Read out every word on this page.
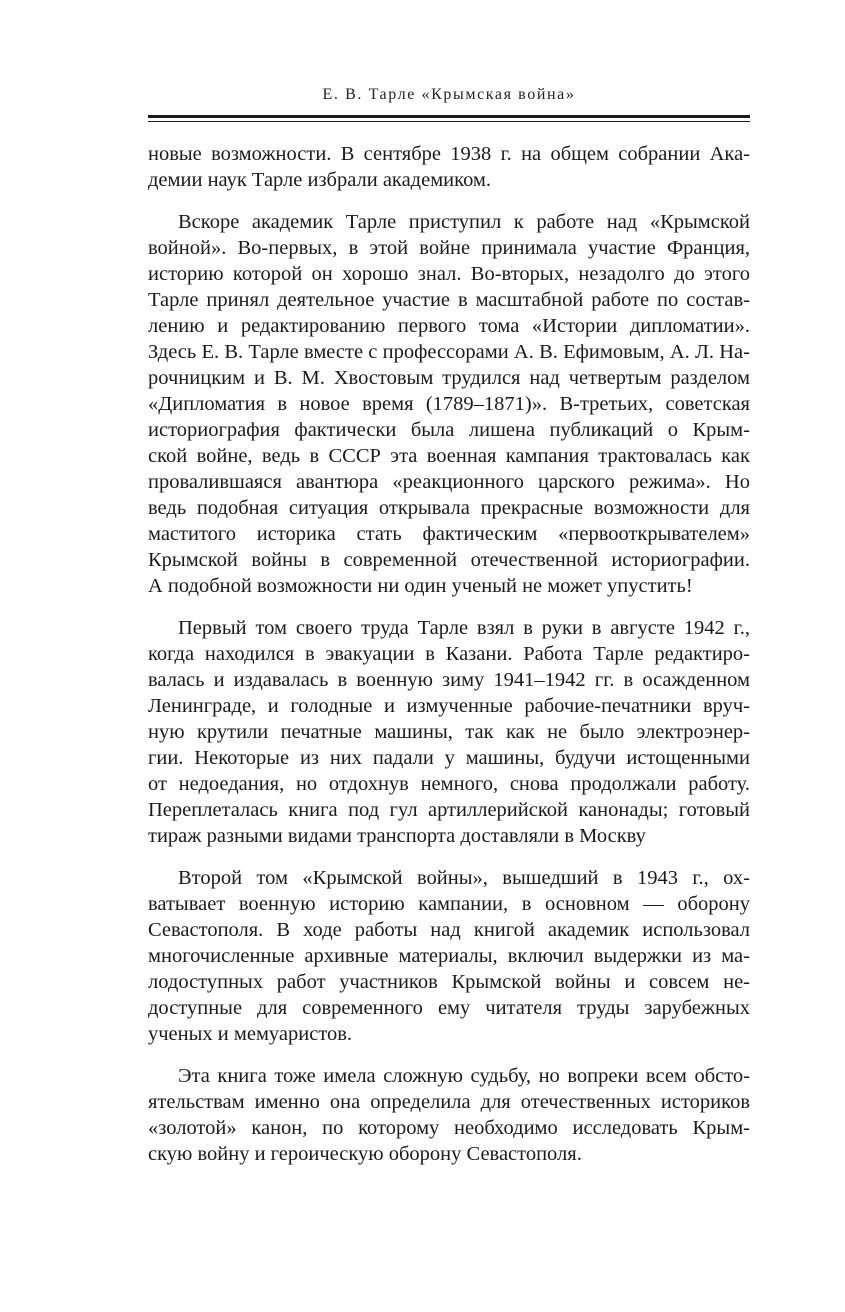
Е. В. Тарле «Крымская война»
новые возможности. В сентябре 1938 г. на общем собрании Ака-
демии наук Тарле избрали академиком.
Вскоре академик Тарле приступил к работе над «Крымской
войной». Во-первых, в этой войне принимала участие Франция,
историю которой он хорошо знал. Во-вторых, незадолго до этого
Тарле принял деятельное участие в масштабной работе по состав-
лению и редактированию первого тома «Истории дипломатии».
Здесь Е. В. Тарле вместе с профессорами А. В. Ефимовым, А. Л. На-
рочницким и В. М. Хвостовым трудился над четвертым разделом
«Дипломатия в новое время (1789–1871)». В-третьих, советская
историография фактически была лишена публикаций о Крым-
ской войне, ведь в СССР эта военная кампания трактовалась как
провалившаяся авантюра «реакционного царского режима». Но
ведь подобная ситуация открывала прекрасные возможности для
маститого историка стать фактическим «первооткрывателем»
Крымской войны в современной отечественной историографии.
А подобной возможности ни один ученый не может упустить!
Первый том своего труда Тарле взял в руки в августе 1942 г.,
когда находился в эвакуации в Казани. Работа Тарле редактиро-
валась и издавалась в военную зиму 1941–1942 гг. в осажденном
Ленинграде, и голодные и измученные рабочие-печатники вруч-
ную крутили печатные машины, так как не было электроэнер-
гии. Некоторые из них падали у машины, будучи истощенными
от недоедания, но отдохнув немного, снова продолжали работу.
Переплеталась книга под гул артиллерийской канонады; готовый
тираж разными видами транспорта доставляли в Москву
Второй том «Крымской войны», вышедший в 1943 г., ох-
ватывает военную историю кампании, в основном — оборону
Севастополя. В ходе работы над книгой академик использовал
многочисленные архивные материалы, включил выдержки из ма-
лодоступных работ участников Крымской войны и совсем не-
доступные для современного ему читателя труды зарубежных
ученых и мемуаристов.
Эта книга тоже имела сложную судьбу, но вопреки всем обсто-
ятельствам именно она определила для отечественных историков
«золотой» канон, по которому необходимо исследовать Крым-
скую войну и героическую оборону Севастополя.
